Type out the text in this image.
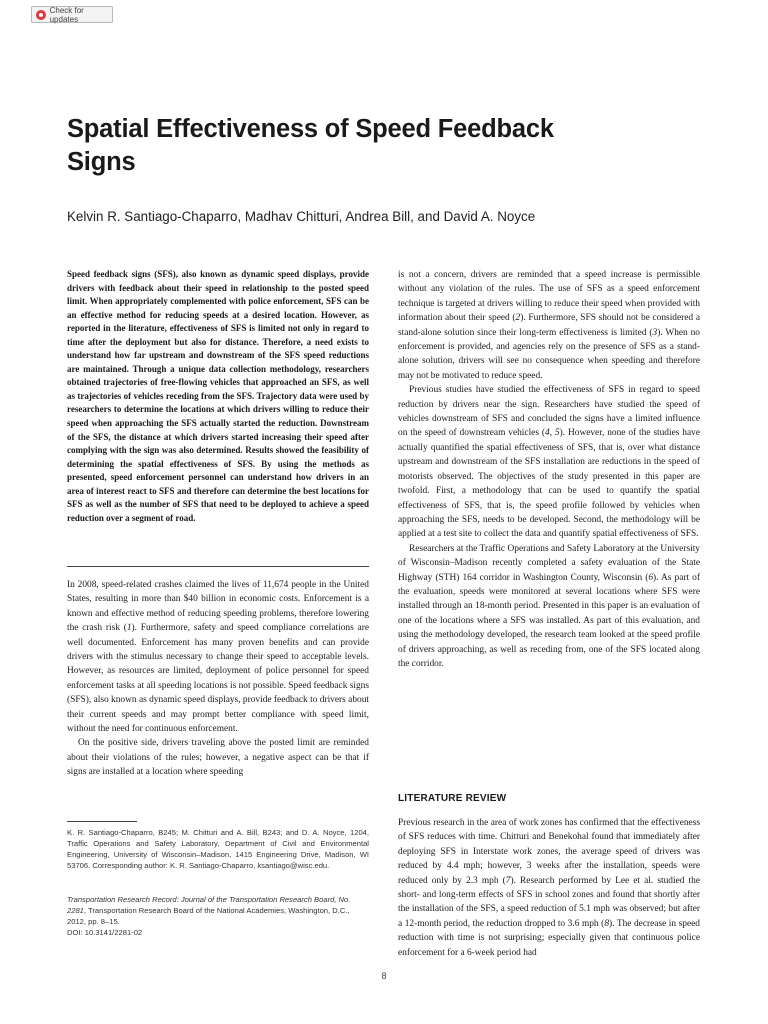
Check for updates
Spatial Effectiveness of Speed Feedback Signs

Kelvin R. Santiago-Chaparro, Madhav Chitturi, Andrea Bill, and David A. Noyce

Speed feedback signs (SFS), also known as dynamic speed displays, provide drivers with feedback about their speed in relationship to the posted speed limit. When appropriately complemented with police enforcement, SFS can be an effective method for reducing speeds at a desired location. However, as reported in the literature, effectiveness of SFS is limited not only in regard to time after the deployment but also for distance. Therefore, a need exists to understand how far upstream and downstream of the SFS speed reductions are maintained. Through a unique data collection methodology, researchers obtained trajectories of free-flowing vehicles that approached an SFS, as well as trajectories of vehicles receding from the SFS. Trajectory data were used by researchers to determine the locations at which drivers willing to reduce their speed when approaching the SFS actually started the reduction. Downstream of the SFS, the distance at which drivers started increasing their speed after complying with the sign was also determined. Results showed the feasibility of determining the spatial effectiveness of SFS. By using the methods as presented, speed enforcement personnel can understand how drivers in an area of interest react to SFS and therefore can determine the best locations for SFS as well as the number of SFS that need to be deployed to achieve a speed reduction over a segment of road.

In 2008, speed-related crashes claimed the lives of 11,674 people in the United States, resulting in more than $40 billion in economic costs. Enforcement is a known and effective method of reducing speeding problems, therefore lowering the crash risk (1). Furthermore, safety and speed compliance correlations are well documented. Enforcement has many proven benefits and can provide drivers with the stimulus necessary to change their speed to acceptable levels. However, as resources are limited, deployment of police personnel for speed enforcement tasks at all speeding locations is not possible. Speed feedback signs (SFS), also known as dynamic speed displays, provide feedback to drivers about their current speeds and may prompt better compliance with speed limit, without the need for continuous enforcement.

On the positive side, drivers traveling above the posted limit are reminded about their violations of the rules; however, a negative aspect can be that if signs are installed at a location where speeding

K. R. Santiago-Chaparro, B245; M. Chitturi and A. Bill, B243; and D. A. Noyce, 1204, Traffic Operations and Safety Laboratory, Department of Civil and Environmental Engineering, University of Wisconsin–Madison, 1415 Engineering Drive, Madison, WI 53706. Corresponding author: K. R. Santiago-Chaparro, ksantiago@wisc.edu.

Transportation Research Record: Journal of the Transportation Research Board, No. 2281, Transportation Research Board of the National Academies, Washington, D.C., 2012, pp. 8–15.
DOI: 10.3141/2281-02

is not a concern, drivers are reminded that a speed increase is permissible without any violation of the rules. The use of SFS as a speed enforcement technique is targeted at drivers willing to reduce their speed when provided with information about their speed (2). Furthermore, SFS should not be considered a stand-alone solution since their long-term effectiveness is limited (3). When no enforcement is provided, and agencies rely on the presence of SFS as a stand-alone solution, drivers will see no consequence when speeding and therefore may not be motivated to reduce speed.

Previous studies have studied the effectiveness of SFS in regard to speed reduction by drivers near the sign. Researchers have studied the speed of vehicles downstream of SFS and concluded the signs have a limited influence on the speed of downstream vehicles (4, 5). However, none of the studies have actually quantified the spatial effectiveness of SFS, that is, over what distance upstream and downstream of the SFS installation are reductions in the speed of motorists observed. The objectives of the study presented in this paper are twofold. First, a methodology that can be used to quantify the spatial effectiveness of SFS, that is, the speed profile followed by vehicles when approaching the SFS, needs to be developed. Second, the methodology will be applied at a test site to collect the data and quantify spatial effectiveness of SFS.

Researchers at the Traffic Operations and Safety Laboratory at the University of Wisconsin–Madison recently completed a safety evaluation of the State Highway (STH) 164 corridor in Washington County, Wisconsin (6). As part of the evaluation, speeds were monitored at several locations where SFS were installed through an 18-month period. Presented in this paper is an evaluation of one of the locations where a SFS was installed. As part of this evaluation, and using the methodology developed, the research team looked at the speed profile of drivers approaching, as well as receding from, one of the SFS located along the corridor.

LITERATURE REVIEW

Previous research in the area of work zones has confirmed that the effectiveness of SFS reduces with time. Chitturi and Benekohal found that immediately after deploying SFS in Interstate work zones, the average speed of drivers was reduced by 4.4 mph; however, 3 weeks after the installation, speeds were reduced only by 2.3 mph (7). Research performed by Lee et al. studied the short- and long-term effects of SFS in school zones and found that shortly after the installation of the SFS, a speed reduction of 5.1 mph was observed; but after a 12-month period, the reduction dropped to 3.6 mph (8). The decrease in speed reduction with time is not surprising; especially given that continuous police enforcement for a 6-week period had

8
